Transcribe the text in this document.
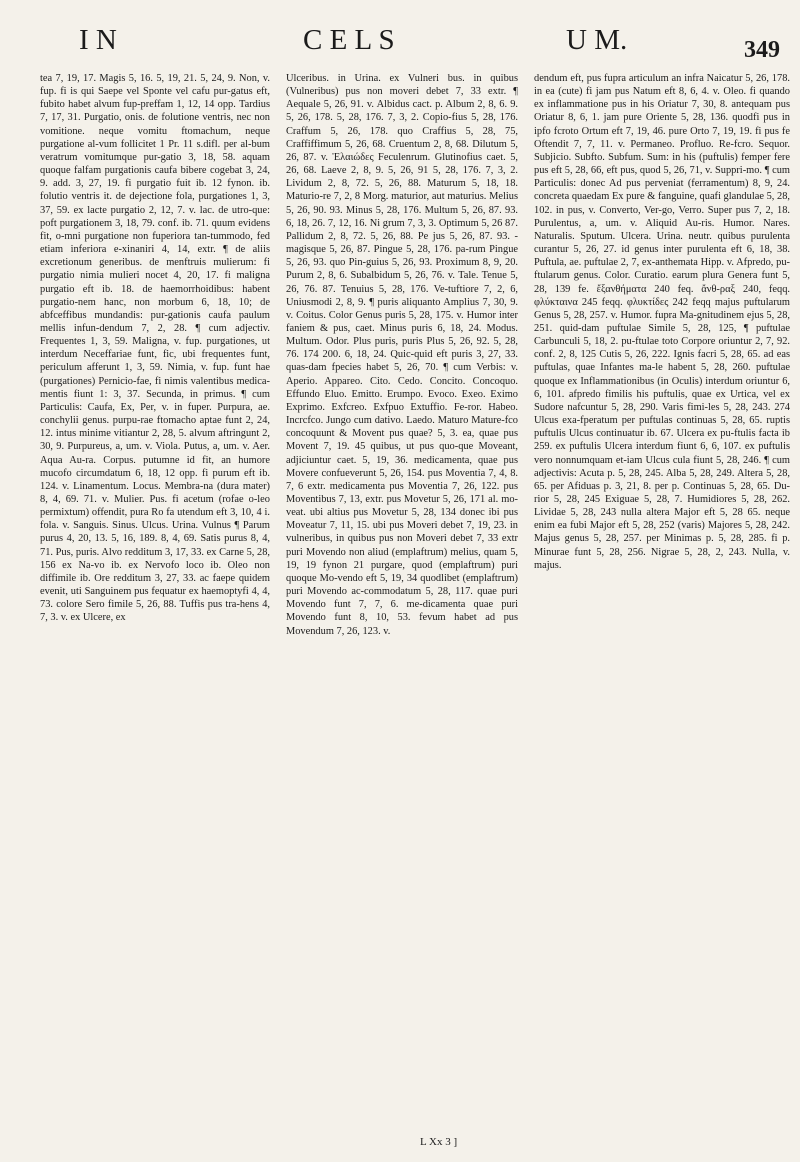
I N	C E L S	U M.	349

tea 7, 19, 17. Magis 5, 16. 5, 19, 21. 5, 24, 9. Non, v. fup. fi is qui Saepe vel Sponte vel cafu pur-gatus eft, fubito habet alvum fup-preffam 1, 12, 14 opp. Tardius 7, 17, 31. Purgatio, onis. de folutione ventris, nec non vomitione. neque vomitu ftomachum, neque purgatione al-vum follicitet 1 Pr. 11 s.difl. per al-bum veratrum vomitumque pur-gatio 3, 18, 58. aquam quoque falfam purgationis caufa bibere cogebat 3, 24, 9. add. 3, 27, 19. fi purgatio fuit ib. 12 fynon. ib. folutio ventris it. de dejectione fola, purgationes 1, 3, 37, 59. ex lacte purgatio 2, 12, 7. v. lac. de utro-que: poft purgationem 3, 18, 79. conf. ib. 71. quum evidens fit, o-mni purgatione non fuperiora tan-tummodo, fed etiam inferiora e-xinaniri 4, 14, extr. ¶ de aliis excretionum generibus. de menftruis mulierum: fi purgatio nimia mulieri nocet 4, 20, 17. fi maligna purgatio eft ib. 18. de haemorrhoidibus: habent purgatio-nem hanc, non morbum 6, 18, 10; de abfceffibus mundandis: pur-gationis caufa paulum mellis infun-dendum 7, 2, 28. ¶ cum adjectiv. Frequentes 1, 3, 59. Maligna, v. fup. purgationes, ut interdum Neceffariae funt, fic, ubi frequentes funt, periculum afferunt 1, 3, 59. Nimia, v. fup. funt hae (purgationes) Pernicio-fae, fi nimis valentibus medica-mentis fiunt 1: 3, 37. Secunda, in primus. ¶ cum Particulis: Caufa, Ex, Per, v. in fuper. Purpura, ae. conchylii genus. purpu-rae ftomacho aptae funt 2, 24, 12. intus minime vitiantur 2, 28, 5. alvum aftringunt 2, 30, 9. Purpureus, a, um. v. Viola. Putus, a, um. v. Aer. Aqua Au-ra. Corpus. putumne id fit, an humore mucofo circumdatum 6, 18, 12 opp. fi purum eft ib. 124. v. Linamentum. Locus. Membra-na (dura mater) 8, 4, 69. 71. v. Mulier. Pus. fi acetum (rofae o-leo permixtum) offendit, pura Ro fa utendum eft 3, 10, 4 i. fola. v. Sanguis. Sinus. Ulcus. Urina. Vulnus ¶ Parum purus 4, 20, 13. 5, 16, 189. 8, 4, 69. Satis purus 8, 4, 71. Pus, puris. Alvo redditum 3, 17, 33. ex Carne 5, 28, 156 ex Na-vo ib. ex Nervofo loco ib. Oleo non diffimile ib. Ore redditum 3, 27, 33. ac faepe quidem evenit, uti Sanguinem pus fequatur ex haemoptyfi 4, 4, 73. colore Sero fimile 5, 26, 88. Tuffis pus tra-hens 4, 7, 3. v. ex Ulcere, ex

Ulceribus. in Urina. ex Vulneri bus. in quibus (Vulneribus) pus non moveri debet 7, 33 extr. ¶ Aequale 5, 26, 91. v. Albidus cact. p. Album 2, 8, 6. 9. 5, 26, 178. 5, 28, 176. 7, 3, 2. Copio-fius 5, 28, 176. Craffum 5, 26, 178. quo Craffius 5, 28, 75, Craffiffimum 5, 26, 68. Cruentum 2, 8, 68. Dilutum 5, 26, 87. v. Ἐλαιώδες Feculenrum. Glutinofius caet. 5, 26, 68. Laeve 2, 8, 9. 5, 26, 91 5, 28, 176. 7, 3, 2. Lividum 2, 8, 72. 5, 26, 88. Maturum 5, 18, 18. Maturio-re 7, 2, 8 Morg. maturior, aut maturius. Melius 5, 26, 90. 93. Minus 5, 28, 176. Multum 5, 26, 87. 93. 6, 18, 26. 7, 12, 16. Ni grum 7, 3, 3. Optimum 5, 26 87. Pallidum 2, 8, 72. 5, 26, 88. Pe jus 5, 26, 87. 93. - magisque 5, 26, 87. Pingue 5, 28, 176. pa-rum Pingue 5, 26, 93. quo Pin-guius 5, 26, 93. Proximum 8, 9, 20. Purum 2, 8, 6. Subalbidum 5, 26, 76. v. Tale. Tenue 5, 26, 76. 87. Tenuius 5, 28, 176. Ve-tuftiore 7, 2, 6, Uniusmodi 2, 8, 9. ¶ puris aliquanto Amplius 7, 30, 9. v. Coitus. Color Genus puris 5, 28, 175. v. Humor inter faniem & pus, caet. Minus puris 6, 18, 24. Modus. Multum. Odor. Plus puris, puris Plus 5, 26, 92. 5, 28, 76. 174 200. 6, 18, 24. Quic-quid eft puris 3, 27, 33. quas-dam fpecies habet 5, 26, 70. ¶ cum Verbis: v. Aperio. Appareo. Cito. Cedo. Concito. Concoquo. Effundo Eluo. Emitto. Erumpo. Evoco. Exeo. Eximo Exprimo. Exfcreo. Exfpuo Extuffio. Fe-ror. Habeo. Incrcfco. Jungo cum dativo. Laedo. Maturo Mature-fco concoquunt & Movent pus quae? 5, 3. ea, quae pus Movent 7, 19. 45 quibus, ut pus quo-que Moveant, adjiciuntur caet. 5, 19, 36. medicamenta, quae pus Movere confueverunt 5, 26, 154. pus Moventia 7, 4, 8. 7, 6 extr. medicamenta pus Moventia 7, 26, 122. pus Moventibus 7, 13, extr. pus Movetur 5, 26, 171 al. mo-veat. ubi altius pus Movetur 5, 28, 134 donec ibi pus Moveatur 7, 11, 15. ubi pus Moveri debet 7, 19, 23. in vulneribus, in quibus pus non Moveri debet 7, 33 extr puri Movendo non aliud (emplaftrum) melius, quam 5, 19, 19 fynon 21 purgare, quod (emplaftrum) puri quoque Mo-vendo eft 5, 19, 34 quodlibet (emplaftrum) puri Movendo ac-commodatum 5, 28, 117. quae puri Movendo funt 7, 7, 6. me-dicamenta quae puri Movendo funt 8, 10, 53. fevum habet ad pus Movendum 7, 26, 123. v.

dendum eft, pus fupra articulum an infra Naicatur 5, 26, 178. in ea (cute) fi jam pus Natum eft 8, 6, 4. v. Oleo. fi quando ex inflammatione pus in his Oriatur 7, 30, 8. antequam pus Oriatur 8, 6, 1. jam pure Oriente 5, 28, 136. quodfi pus in ipfo fcroto Ortum eft 7, 19, 46. pure Orto 7, 19, 19. fi pus fe Oftendit 7, 7, 11. v. Permaneo. Profluo. Re-fcro. Sequor. Subjicio. Subfto. Subfum. Sum: in his (puftulis) femper fere pus eft 5, 28, 66, eft pus, quod 5, 26, 71, v. Suppri-mo. ¶ cum Particulis: donec Ad pus perveniat (ferramentum) 8, 9, 24. concreta quaedam Ex pure & fanguine, quafi glandulae 5, 28, 102. in pus, v. Converto, Ver-go, Verro. Super pus 7, 2, 18. Purulentus, a, um. v. Aliquid Au-ris. Humor. Nares. Naturalis. Sputum. Ulcera. Urina. neutr. quibus purulenta curantur 5, 26, 27. id genus inter purulenta eft 6, 18, 38. Puftula, ae. puftulae 2, 7, ex-anthemata Hipp. v. Afpredo, pu-ftularum genus. Color. Curatio. earum plura Genera funt 5, 28, 139 fe. ἔξανθήματα 240 feq. ἄνθ-ραξ 240, feqq. φλύκταινα 245 feqq. φλυκτίδες 242 feqq majus puftularum Genus 5, 28, 257. v. Humor. fupra Ma-gnitudinem ejus 5, 28, 251. quid-dam puftulae Simile 5, 28, 125, ¶ puftulae Carbunculi 5, 18, 2. pu-ftulae toto Corpore oriuntur 2, 7, 92. conf. 2, 8, 125 Cutis 5, 26, 222. Ignis facri 5, 28, 65. ad eas puftulas, quae Infantes ma-le habent 5, 28, 260. puftulae quoque ex Inflammationibus (in Oculis) interdum oriuntur 6, 6, 101. afpredo fimilis his puftulis, quae ex Urtica, vel ex Sudore nafcuntur 5, 28, 290. Varis fimi-les 5, 28, 243. 274 Ulcus exa-fperatum per puftulas continuas 5, 28, 65. ruptis puftulis Ulcus continuatur ib. 67. Ulcera ex pu-ftulis facta ib 259. ex puftulis Ulcera interdum fiunt 6, 6, 107. ex puftulis vero nonnumquam et-iam Ulcus cula fiunt 5, 28, 246. ¶ cum adjectivis: Acuta p. 5, 28, 245. Alba 5, 28, 249. Altera 5, 28, 65. per Afiduas p. 3, 21, 8. per p. Continuas 5, 28, 65. Du-rior 5, 28, 245 Exiguae 5, 28, 7. Humidiores 5, 28, 262. Lividae 5, 28, 243 nulla altera Major eft 5, 28 65. neque enim ea fubi Major eft 5, 28, 252 (varis) Majores 5, 28, 242. Majus genus 5, 28, 257. per Minimas p. 5, 28, 285. fi p. Minurae funt 5, 28, 256. Nigrae 5, 28, 2, 243. Nulla, v. majus.

L Xx 3 ]
